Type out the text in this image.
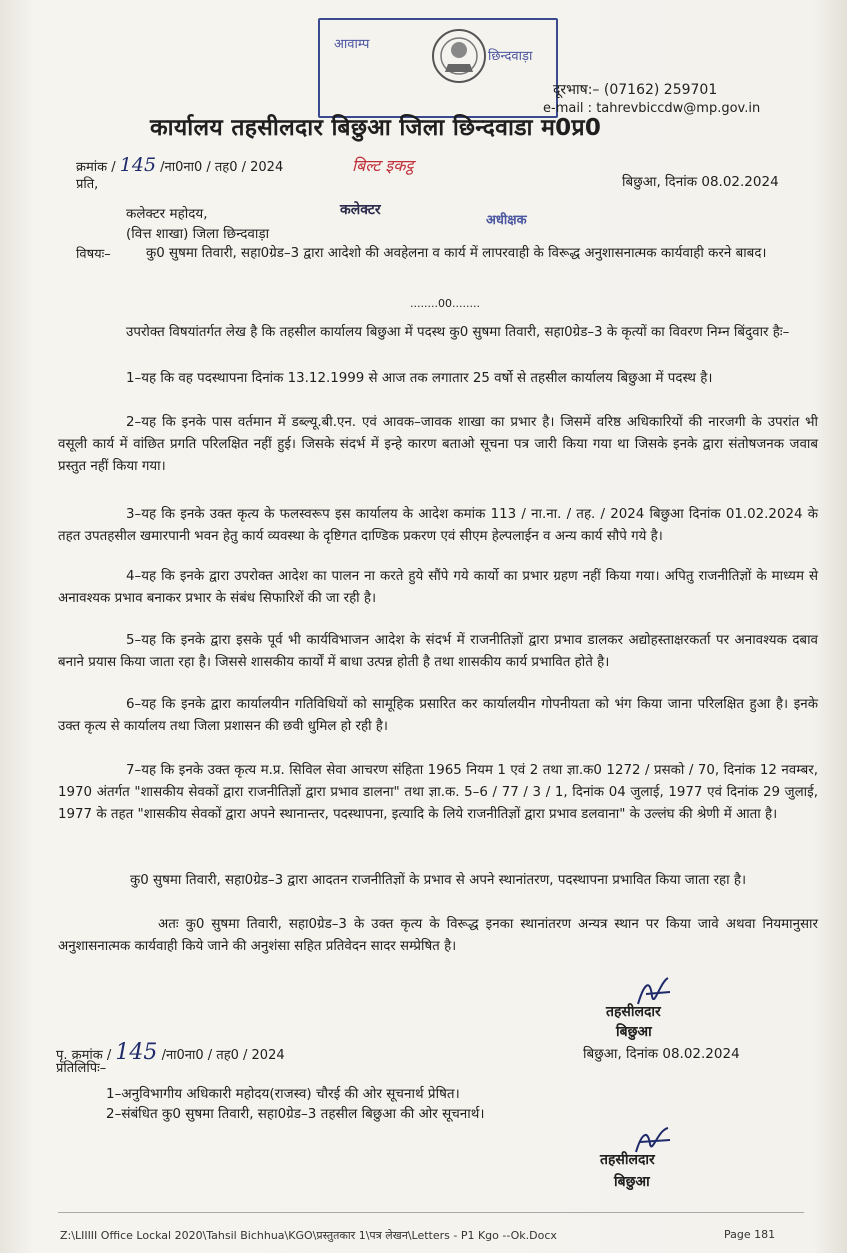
आवाम्प
छिन्दवाड़ा
दूरभाष:– (07162) 259701
e-mail : tahrevbiccdw@mp.gov.in
कार्यालय तहसीलदार बिछुआ जिला छिन्दवाडा म0प्र0
क्रमांक / 145 /ना0ना0 / तह0 / 2024	बिल्ट इकट्ठ
बिछुआ, दिनांक 08.02.2024
प्रति,
कलेक्टर महोदय,
(वित्त शाखा) जिला छिन्दवाड़ा
कलेक्टर
अधीक्षक
विषयः–	कु0 सुषमा तिवारी, सहा0ग्रेड–3 द्वारा आदेशो की अवहेलना व कार्य में लापरवाही के विरूद्ध अनुशासनात्मक कार्यवाही करने बाबद।
........00........
उपरोक्त विषयांतर्गत लेख है कि तहसील कार्यालय बिछुआ में पदस्थ कु0 सुषमा तिवारी, सहा0ग्रेड–3 के कृत्यों का विवरण निम्न बिंदुवार हैः–
1–यह कि वह पदस्थापना दिनांक 13.12.1999 से आज तक लगातार 25 वर्षो से तहसील कार्यालय बिछुआ में पदस्थ है।
2–यह कि इनके पास वर्तमान में डब्ल्यू.बी.एन. एवं आवक–जावक शाखा का प्रभार है। जिसमें वरिष्ठ अधिकारियों की नारजगी के उपरांत भी वसूली कार्य में वांछित प्रगति परिलक्षित नहीं हुई। जिसके संदर्भ में इन्हे कारण बताओ सूचना पत्र जारी किया गया था जिसके इनके द्वारा संतोषजनक जवाब प्रस्तुत नहीं किया गया।
3–यह कि इनके उक्त कृत्य के फलस्वरूप इस कार्यालय के आदेश कमांक 113 / ना.ना. / तह. / 2024 बिछुआ दिनांक 01.02.2024 के तहत उपतहसील खमारपानी भवन हेतु कार्य व्यवस्था के दृष्टिगत दाण्डिक प्रकरण एवं सीएम हेल्पलाईन व अन्य कार्य सौपे गये है।
4–यह कि इनके द्वारा उपरोक्त आदेश का पालन ना करते हुये सौंपे गये कार्यो का प्रभार ग्रहण नहीं किया गया। अपितु राजनीतिज्ञों के माध्यम से अनावश्यक प्रभाव बनाकर प्रभार के संबंध सिफारिशें की जा रही है।
5–यह कि इनके द्वारा इसके पूर्व भी कार्यविभाजन आदेश के संदर्भ में राजनीतिज्ञों द्वारा प्रभाव डालकर अद्योहस्ताक्षरकर्ता पर अनावश्यक दबाव बनाने प्रयास किया जाता रहा है। जिससे शासकीय कार्यों में बाधा उत्पन्न होती है तथा शासकीय कार्य प्रभावित होते है।
6–यह कि इनके द्वारा कार्यालयीन गतिविधियों को सामूहिक प्रसारित कर कार्यालयीन गोपनीयता को भंग किया जाना परिलक्षित हुआ है। इनके उक्त कृत्य से कार्यालय तथा जिला प्रशासन की छवी धुमिल हो रही है।
7–यह कि इनके उक्त कृत्य म.प्र. सिविल सेवा आचरण संहिता 1965 नियम 1 एवं 2 तथा ज्ञा.क0 1272 / प्रसको / 70, दिनांक 12 नवम्बर, 1970 अंतर्गत "शासकीय सेवकों द्वारा राजनीतिज्ञों द्वारा प्रभाव डालना" तथा ज्ञा.क. 5–6 / 77 / 3 / 1, दिनांक 04 जुलाई, 1977 एवं दिनांक 29 जुलाई, 1977 के तहत "शासकीय सेवकों द्वारा अपने स्थानान्तर, पदस्थापना, इत्यादि के लिये राजनीतिज्ञों द्वारा प्रभाव डलवाना" के उल्लंघ की श्रेणी में आता है।
कु0 सुषमा तिवारी, सहा0ग्रेड–3 द्वारा आदतन राजनीतिज्ञों के प्रभाव से अपने स्थानांतरण, पदस्थापना प्रभावित किया जाता रहा है।
अतः कु0 सुषमा तिवारी, सहा0ग्रेड–3 के उक्त कृत्य के विरूद्ध इनका स्थानांतरण अन्यत्र स्थान पर किया जावे अथवा नियमानुसार अनुशासनात्मक कार्यवाही किये जाने की अनुशंसा सहित प्रतिवेदन सादर सम्प्रेषित है।
तहसीलदार
बिछुआ
पृ. क्रमांक / 145 /ना0ना0 / तह0 / 2024	बिछुआ, दिनांक 08.02.2024
प्रतिलिपिः–
1–अनुविभागीय अधिकारी महोदय(राजस्व) चौरई की ओर सूचनार्थ प्रेषित।
2–संबंधित कु0 सुषमा तिवारी, सहा0ग्रेड–3 तहसील बिछुआ की ओर सूचनार्थ।
तहसीलदार
बिछुआ
Z:\LIIIII Office Lockal 2020\Tahsil Bichhua\KGO\प्रस्तुतकार 1\पत्र लेखन\Letters - P1 Kgo --Ok.Docx	Page 181
